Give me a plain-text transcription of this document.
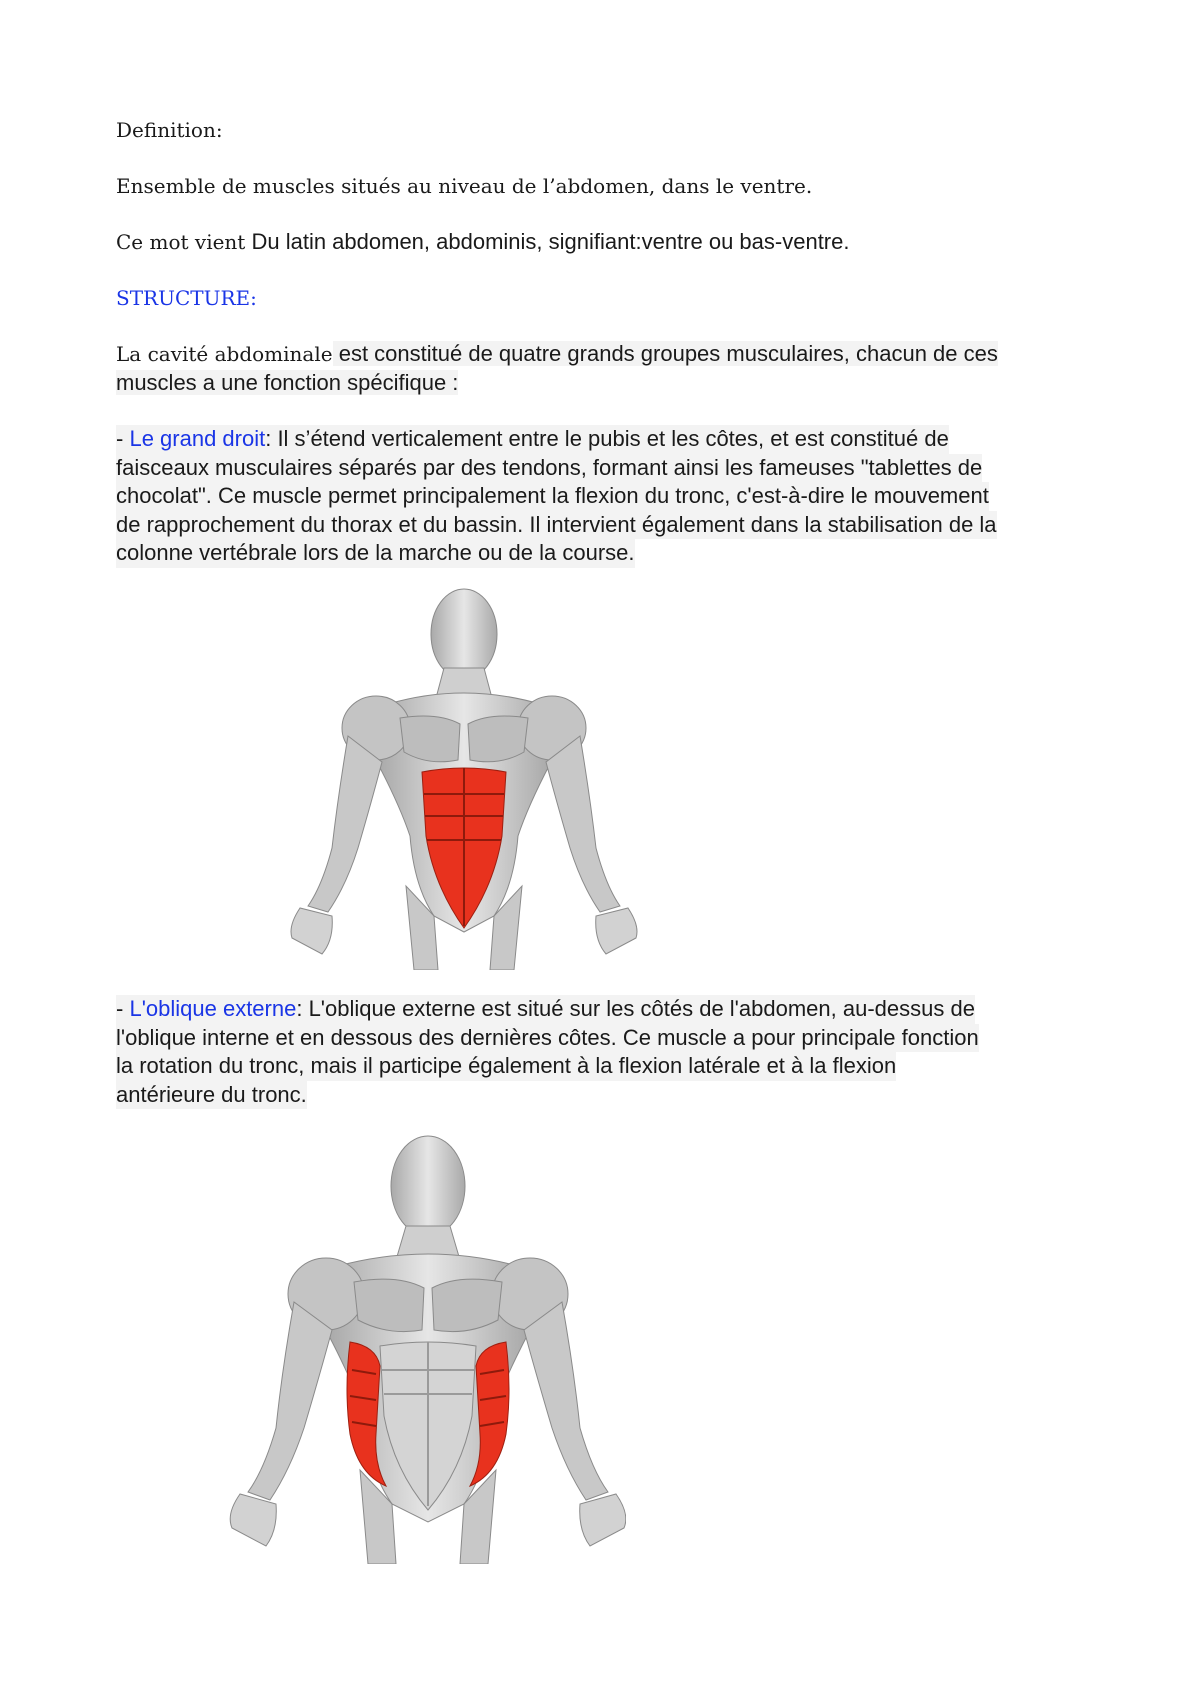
Definition:
Ensemble de muscles situés au niveau de l’abdomen, dans le ventre.
Ce mot vient Du latin abdomen, abdominis, signifiant:ventre ou bas-ventre.
STRUCTURE:
La cavité abdominale est constitué de quatre grands groupes musculaires, chacun de ces
muscles a une fonction spécifique :
- Le grand droit: Il s’étend verticalement entre le pubis et les côtes, et est constitué de
faisceaux musculaires séparés par des tendons, formant ainsi les fameuses "tablettes de
chocolat". Ce muscle permet principalement la flexion du tronc, c'est-à-dire le mouvement
de rapprochement du thorax et du bassin. Il intervient également dans la stabilisation de la
colonne vertébrale lors de la marche ou de la course.
- L'oblique externe: L'oblique externe est situé sur les côtés de l'abdomen, au-dessus de
l'oblique interne et en dessous des dernières côtes. Ce muscle a pour principale fonction
la rotation du tronc, mais il participe également à la flexion latérale et à la flexion
antérieure du tronc.
